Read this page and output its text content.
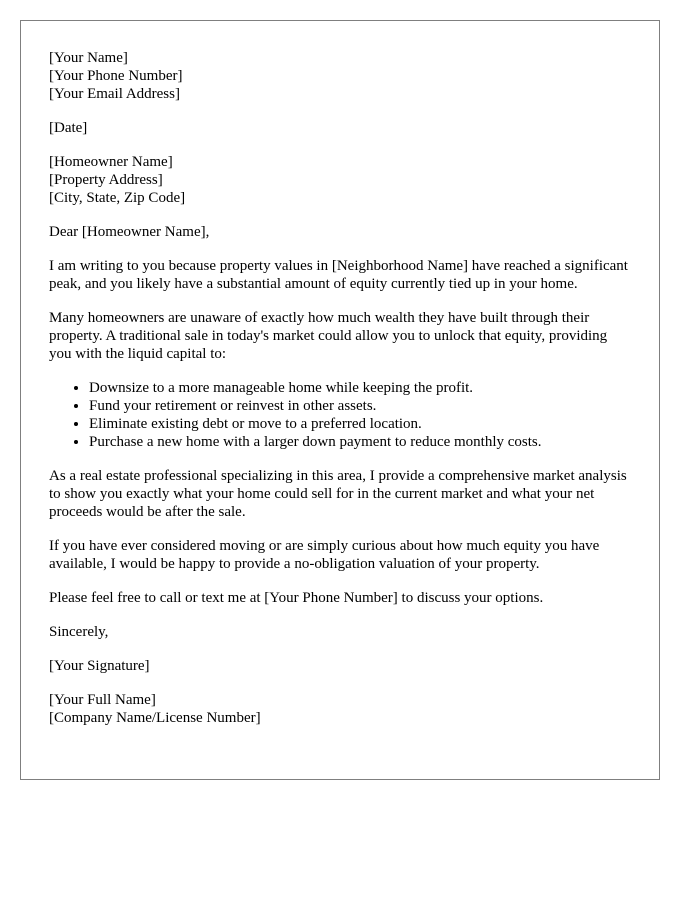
[Your Name]
[Your Phone Number]
[Your Email Address]
[Date]
[Homeowner Name]
[Property Address]
[City, State, Zip Code]

Dear [Homeowner Name],

I am writing to you because property values in [Neighborhood Name] have reached a significant peak, and you likely have a substantial amount of equity currently tied up in your home.

Many homeowners are unaware of exactly how much wealth they have built through their property. A traditional sale in today's market could allow you to unlock that equity, providing you with the liquid capital to:

• Downsize to a more manageable home while keeping the profit.
• Fund your retirement or reinvest in other assets.
• Eliminate existing debt or move to a preferred location.
• Purchase a new home with a larger down payment to reduce monthly costs.

As a real estate professional specializing in this area, I provide a comprehensive market analysis to show you exactly what your home could sell for in the current market and what your net proceeds would be after the sale.

If you have ever considered moving or are simply curious about how much equity you have available, I would be happy to provide a no-obligation valuation of your property.

Please feel free to call or text me at [Your Phone Number] to discuss your options.

Sincerely,

[Your Signature]

[Your Full Name]
[Company Name/License Number]
